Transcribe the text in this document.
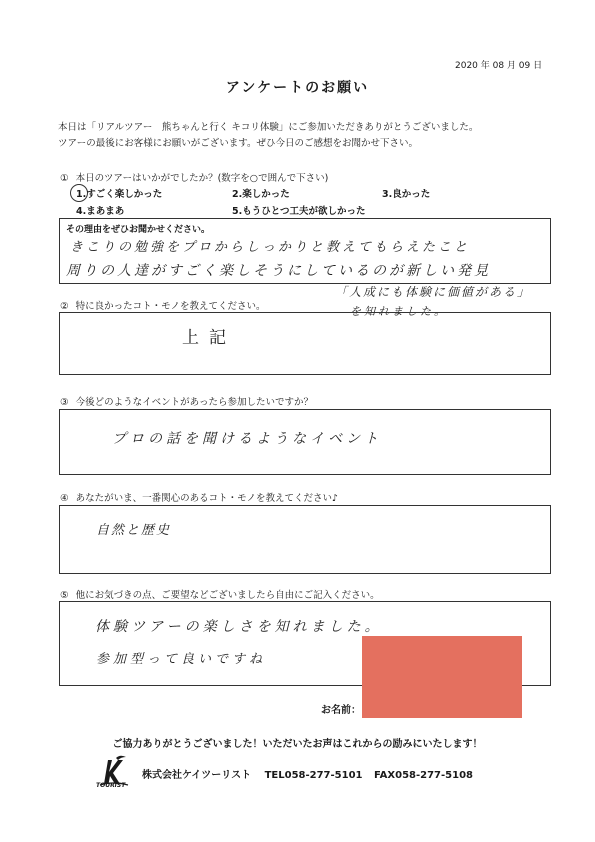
2020 年 08 月 09 日
アンケートのお願い
本日は「リアルツアー　熊ちゃんと行く キコリ体験」にご参加いただきありがとうございました。
ツアーの最後にお客様にお願いがございます。ぜひ今日のご感想をお聞かせ下さい。
① 本日のツアーはいかがでしたか？(数字を○で囲んで下さい)
1.すごく楽しかった	2.楽しかった	3.良かった
4.まあまあ	5.もうひとつ工夫が欲しかった
その理由をぜひお聞かせください。
きこりの勉強をプロからしっかりと教えてもらえたこと
周りの人達がすごく楽しそうにしているのが新しい発見
「人成にも体験に価値がある」
を知れました。
② 特に良かったコト・モノを教えてください。
上記
③ 今後どのようなイベントがあったら参加したいですか？
プロの話を聞けるようなイベント
④ あなたがいま、一番関心のあるコト・モノを教えてください♪
自然と歴史
⑤ 他にお気づきの点、ご要望などございましたら自由にご記入ください。
体験ツアーの楽しさを知れました。
参加型って良いですね
お名前：
ご協力ありがとうございました！いただいたお声はこれからの励みにいたします！
TOURIST
株式会社ケイツーリスト TEL058-277-5101 FAX058-277-5108
